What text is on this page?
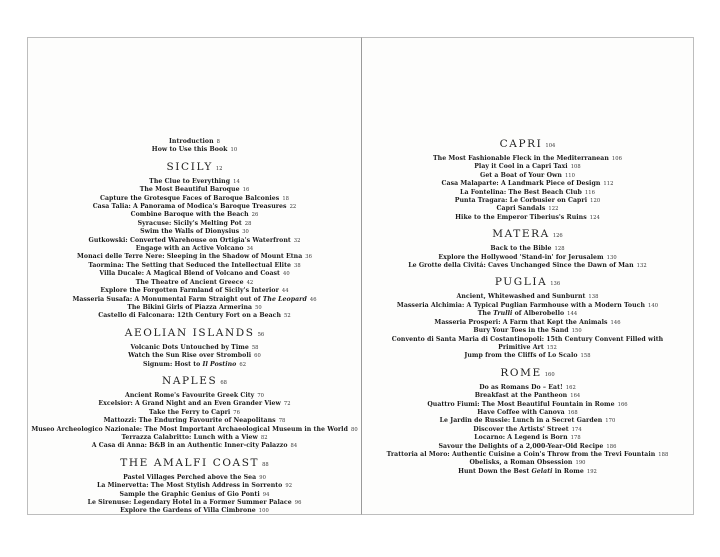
Introduction 8
How to Use this Book 10
SICILY 12
The Clue to Everything 14
The Most Beautiful Baroque 16
Capture the Grotesque Faces of Baroque Balconies 18
Casa Talia: A Panorama of Modica's Baroque Treasures 22
Combine Baroque with the Beach 26
Syracuse: Sicily's Melting Pot 28
Swim the Walls of Dionysius 30
Gutkowski: Converted Warehouse on Ortigia's Waterfront 32
Engage with an Active Volcano 34
Monaci delle Terre Nere: Sleeping in the Shadow of Mount Etna 36
Taormina: The Setting that Seduced the Intellectual Elite 38
Villa Ducale: A Magical Blend of Volcano and Coast 40
The Theatre of Ancient Greece 42
Explore the Forgotten Farmland of Sicily's Interior 44
Masseria Susafa: A Monumental Farm Straight out of The Leopard 46
The Bikini Girls of Piazza Armerina 50
Castello di Falconara: 12th Century Fort on a Beach 52
AEOLIAN ISLANDS 56
Volcanic Dots Untouched by Time 58
Watch the Sun Rise over Stromboli 60
Signum: Host to Il Postino 62
NAPLES 68
Ancient Rome's Favourite Greek City 70
Excelsior: A Grand Night and an Even Grander View 72
Take the Ferry to Capri 76
Mattozzi: The Enduring Favourite of Neapolitans 78
Museo Archeologico Nazionale: The Most Important Archaeological Museum in the World 80
Terrazza Calabritto: Lunch with a View 82
A Casa di Anna: B&B in an Authentic Inner-city Palazzo 84
THE AMALFI COAST 88
Pastel Villages Perched above the Sea 90
La Minervetta: The Most Stylish Address in Sorrento 92
Sample the Graphic Genius of Gio Ponti 94
Le Sirenuse: Legendary Hotel in a Former Summer Palace 96
Explore the Gardens of Villa Cimbrone 100
CAPRI 104
The Most Fashionable Fleck in the Mediterranean 106
Play it Cool in a Capri Taxi 108
Get a Boat of Your Own 110
Casa Malaparte: A Landmark Piece of Design 112
La Fontelina: The Best Beach Club 116
Punta Tragara: Le Corbusier on Capri 120
Capri Sandals 122
Hike to the Emperor Tiberius's Ruins 124
MATERA 126
Back to the Bible 128
Explore the Hollywood 'Stand-in' for Jerusalem 130
Le Grotte della Civitá: Caves Unchanged Since the Dawn of Man 132
PUGLIA 136
Ancient, Whitewashed and Sunburnt 138
Masseria Alchimia: A Typical Puglian Farmhouse with a Modern Touch 140
The Trulli of Alberobello 144
Masseria Prosperi: A Farm that Kept the Animals 146
Bury Your Toes in the Sand 150
Convento di Santa Maria di Costantinopoli: 15th Century Convent Filled with
Primitive Art 152
Jump from the Cliffs of Lo Scalo 158
ROME 160
Do as Romans Do – Eat! 162
Breakfast at the Pantheon 164
Quattro Fiumi: The Most Beautiful Fountain in Rome 166
Have Coffee with Canova 168
Le Jardin de Russie: Lunch in a Secret Garden 170
Discover the Artists' Street 174
Locarno: A Legend is Born 178
Savour the Delights of a 2,000-Year-Old Recipe 186
Trattoria al Moro: Authentic Cuisine a Coin's Throw from the Trevi Fountain 188
Obelisks, a Roman Obsession 190
Hunt Down the Best Gelati in Rome 192
